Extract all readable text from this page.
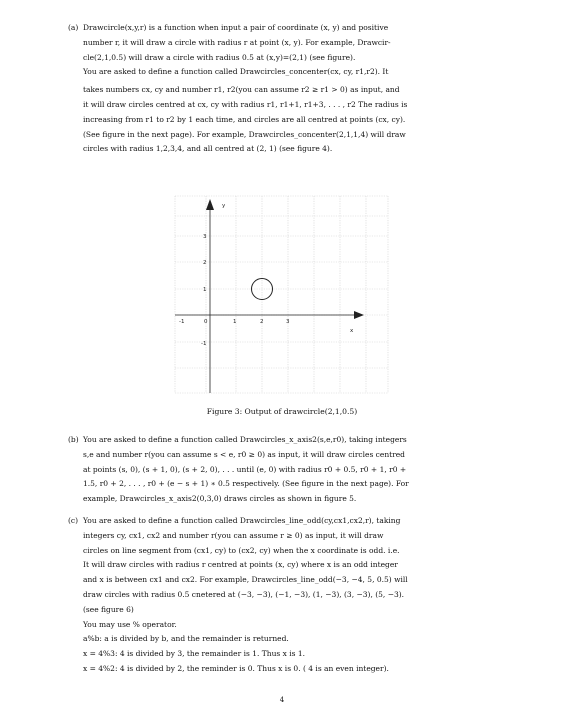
(a) Drawcircle(x,y,r) is a function when input a pair of coordinate (x, y) and positive

number r, it will draw a circle with radius r at point (x, y). For example, Drawcir-

cle(2,1,0.5) will draw a circle with radius 0.5 at (x,y)=(2,1) (see figure).

You are asked to define a function called Drawcircles_concenter(cx, cy, r1,r2). It

takes numbers cx, cy and number r1, r2(you can assume r2 ≥ r1 > 0) as input, and

it will draw circles centred at cx, cy with radius r1, r1+1, r1+3, . . . , r2 The radius is

increasing from r1 to r2 by 1 each time, and circles are all centred at points (cx, cy).

(See figure in the next page). For example, Drawcircles_concenter(2,1,1,4) will draw

circles with radius 1,2,3,4, and all centred at (2, 1) (see figure 4).

y
x
-1	0	1	2	3
3
2
1
-1
Figure 3: Output of drawcircle(2,1,0.5)
(b) You are asked to define a function called Drawcircles_x_axis2(s,e,r0), taking integers

s,e and number r(you can assume s < e, r0 ≥ 0) as input, it will draw circles centred

at points (s, 0), (s + 1, 0), (s + 2, 0), . . . until (e, 0) with radius r0 + 0.5, r0 + 1, r0 +

1.5, r0 + 2, . . . , r0 + (e − s + 1) ∗ 0.5 respectively. (See figure in the next page). For

example, Drawcircles_x_axis2(0,3,0) draws circles as shown in figure 5.

(c) You are asked to define a function called Drawcircles_line_odd(cy,cx1,cx2,r), taking

integers cy, cx1, cx2 and number r(you can assume r ≥ 0) as input, it will draw

circles on line segment from (cx1, cy) to (cx2, cy) when the x coordinate is odd. i.e.

It will draw circles with radius r centred at points (x, cy) where x is an odd integer

and x is between cx1 and cx2. For example, Drawcircles_line_odd(−3, −4, 5, 0.5) will

draw circles with radius 0.5 cnetered at (−3, −3), (−1, −3), (1, −3), (3, −3), (5, −3).

(see figure 6)

You may use % operator.

a%b: a is divided by b, and the remainder is returned.

x = 4%3: 4 is divided by 3, the remainder is 1. Thus x is 1.

x = 4%2: 4 is divided by 2, the reminder is 0. Thus x is 0. ( 4 is an even integer).

4
